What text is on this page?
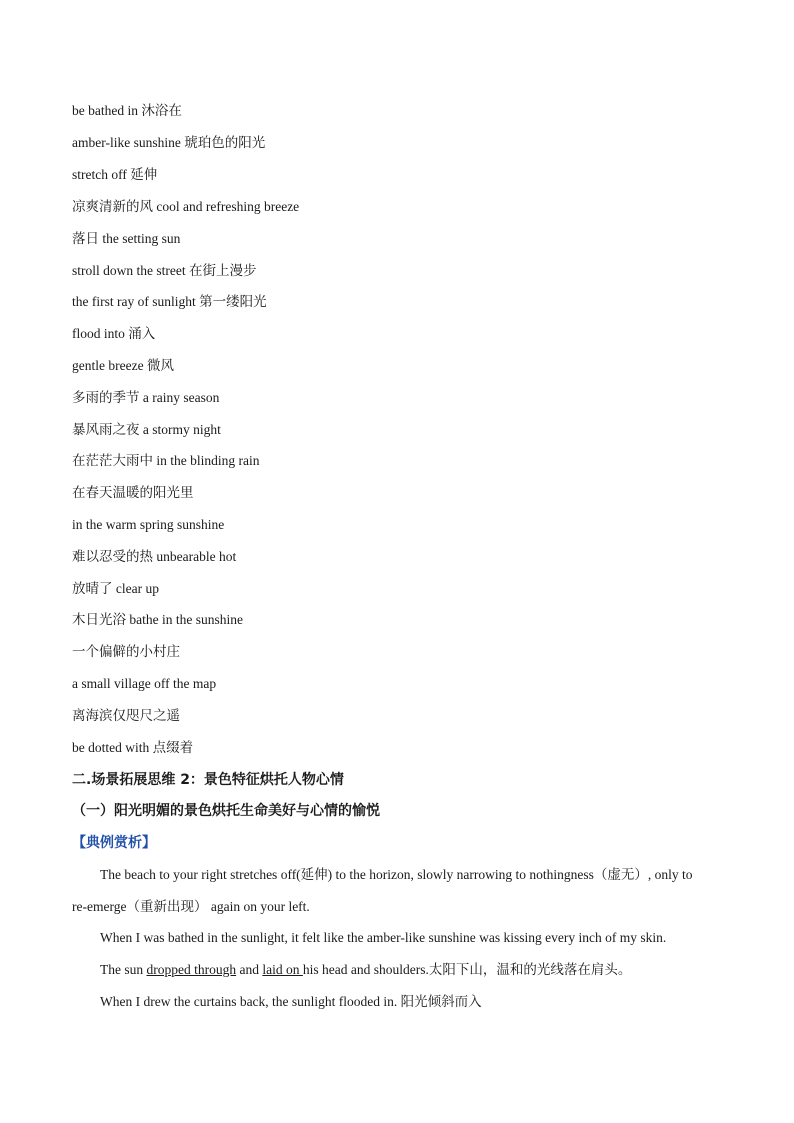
be bathed in 沐浴在
amber-like sunshine 琥珀色的阳光
stretch off 延伸
凉爽清新的风 cool and refreshing breeze
落日 the setting sun
stroll down the street 在街上漫步
the first ray of sunlight 第一缕阳光
flood into 涌入
gentle breeze 微风
多雨的季节 a rainy season
暴风雨之夜 a stormy night
在茫茫大雨中 in the blinding rain
在春天温暖的阳光里
in the warm spring sunshine
难以忍受的热 unbearable hot
放晴了 clear up
木日光浴 bathe in the sunshine
一个偏僻的小村庄
a small village off the map
离海滨仅咫尺之遥
be dotted with 点缀着
二.场景拓展思维 2：景色特征烘托人物心情
（一）阳光明媚的景色烘托生命美好与心情的愉悦
【典例赏析】
The beach to your right stretches off(延伸) to the horizon, slowly narrowing to nothingness（虚无）, only to
re-emerge（重新出现） again on your left.
When I was bathed in the sunlight, it felt like the amber-like sunshine was kissing every inch of my skin.
The sun dropped through and laid on his head and shoulders.太阳下山，温和的光线落在肩头。
When I drew the curtains back, the sunlight flooded in. 阳光倾斜而入
